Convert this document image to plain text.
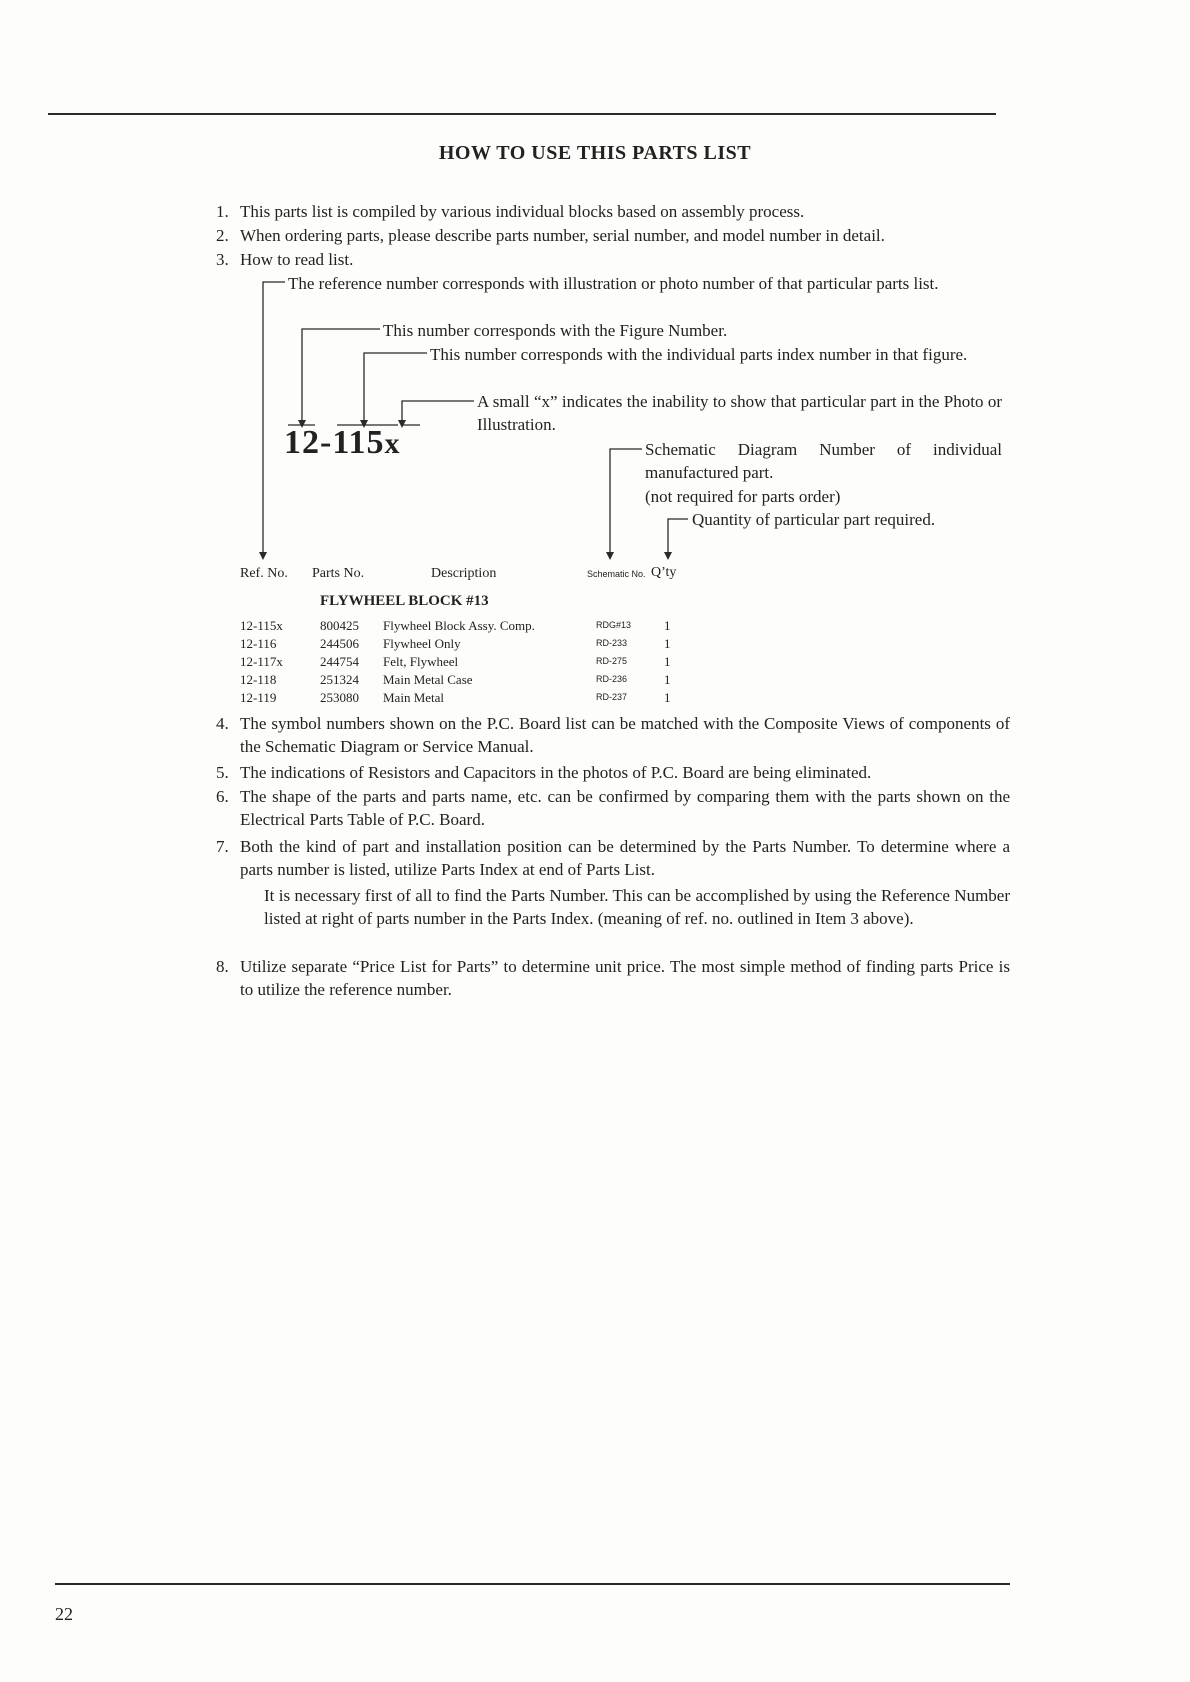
HOW TO USE THIS PARTS LIST
1. This parts list is compiled by various individual blocks based on assembly process.
2. When ordering parts, please describe parts number, serial number, and model number in detail.
3. How to read list.
The reference number corresponds with illustration or photo number of that particular parts list.
This number corresponds with the Figure Number.
This number corresponds with the individual parts index number in that figure.
A small “x” indicates the inability to show that particular part in the Photo or Illustration.
Schematic Diagram Number of individual manufactured part.
(not required for parts order)
Quantity of particular part required.
12-115x
Ref. No. Parts No.	Description	Schematic No. Q’ty
FLYWHEEL BLOCK #13
12-115x	800425 Flywheel Block Assy. Comp.	RDG#13	1
12-116	244506 Flywheel Only	RD-233	1
12-117x	244754 Felt, Flywheel	RD-275	1
12-118	251324 Main Metal Case	RD-236	1
12-119	253080 Main Metal	RD-237	1
4. The symbol numbers shown on the P.C. Board list can be matched with the Composite Views of components of the Schematic Diagram or Service Manual.
5. The indications of Resistors and Capacitors in the photos of P.C. Board are being eliminated.
6. The shape of the parts and parts name, etc. can be confirmed by comparing them with the parts shown on the Electrical Parts Table of P.C. Board.
7. Both the kind of part and installation position can be determined by the Parts Number. To determine where a parts number is listed, utilize Parts Index at end of Parts List.
It is necessary first of all to find the Parts Number. This can be accomplished by using the Reference Number listed at right of parts number in the Parts Index. (meaning of ref. no. outlined in Item 3 above).
8. Utilize separate “Price List for Parts” to determine unit price. The most simple method of finding parts Price is to utilize the reference number.
22
